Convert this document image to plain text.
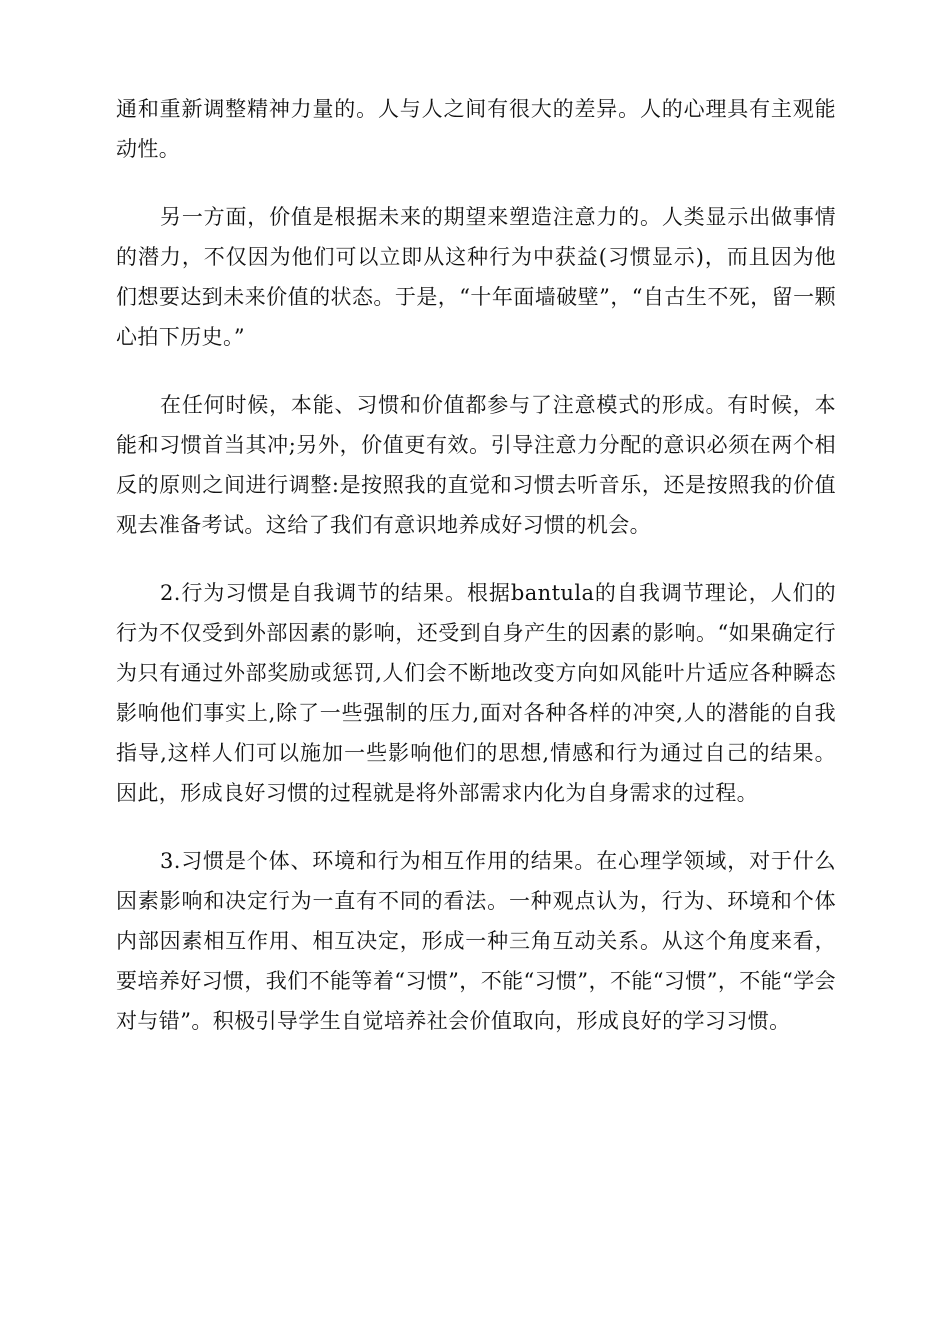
通和重新调整精神力量的。人与人之间有很大的差异。人的心理具有主观能动性。

另一方面，价值是根据未来的期望来塑造注意力的。人类显示出做事情的潜力，不仅因为他们可以立即从这种行为中获益(习惯显示)，而且因为他们想要达到未来价值的状态。于是，“十年面墙破壁”，“自古生不死，留一颗心拍下历史。”

在任何时候，本能、习惯和价值都参与了注意模式的形成。有时候，本能和习惯首当其冲;另外，价值更有效。引导注意力分配的意识必须在两个相反的原则之间进行调整:是按照我的直觉和习惯去听音乐，还是按照我的价值观去准备考试。这给了我们有意识地养成好习惯的机会。

2.行为习惯是自我调节的结果。根据bantula的自我调节理论，人们的行为不仅受到外部因素的影响，还受到自身产生的因素的影响。“如果确定行为只有通过外部奖励或惩罚,人们会不断地改变方向如风能叶片适应各种瞬态影响他们事实上,除了一些强制的压力,面对各种各样的冲突,人的潜能的自我指导,这样人们可以施加一些影响他们的思想,情感和行为通过自己的结果。因此，形成良好习惯的过程就是将外部需求内化为自身需求的过程。

3.习惯是个体、环境和行为相互作用的结果。在心理学领域，对于什么因素影响和决定行为一直有不同的看法。一种观点认为，行为、环境和个体内部因素相互作用、相互决定，形成一种三角互动关系。从这个角度来看，要培养好习惯，我们不能等着“习惯”，不能“习惯”，不能“习惯”，不能“学会对与错”。积极引导学生自觉培养社会价值取向，形成良好的学习习惯。
